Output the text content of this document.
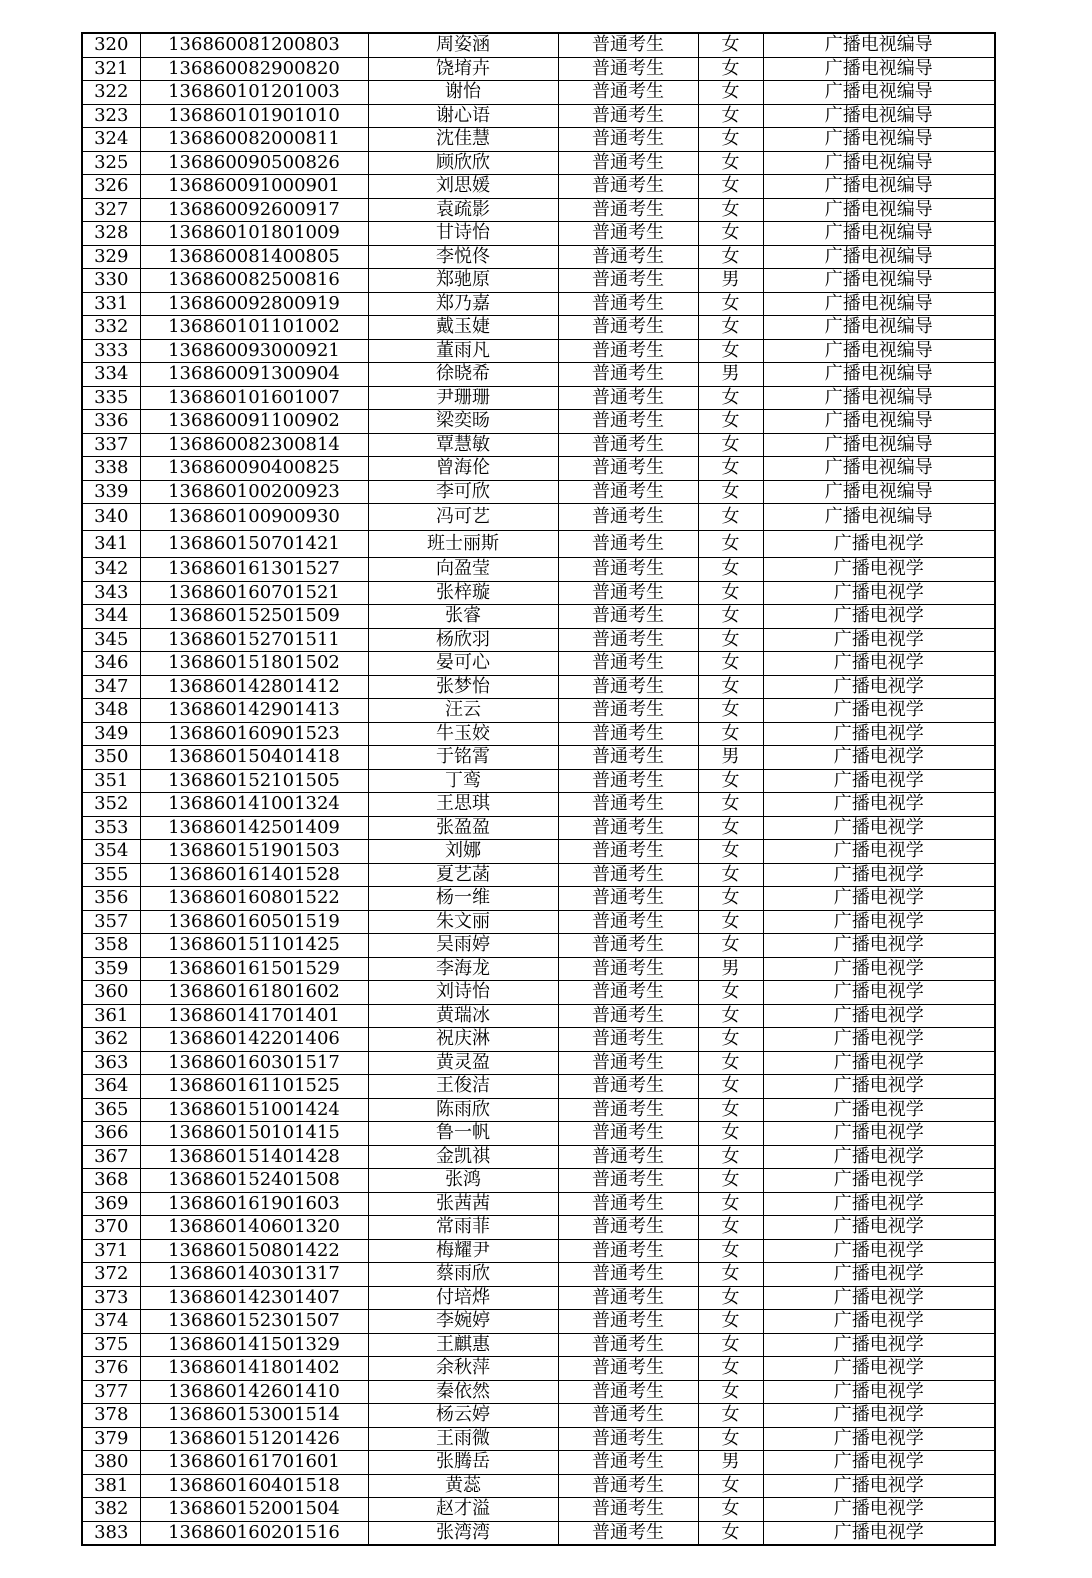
320	136860081200803	周姿涵	普通考生	女	广播电视编导
321	136860082900820	饶堉卉	普通考生	女	广播电视编导
322	136860101201003	谢怡	普通考生	女	广播电视编导
323	136860101901010	谢心语	普通考生	女	广播电视编导
324	136860082000811	沈佳慧	普通考生	女	广播电视编导
325	136860090500826	顾欣欣	普通考生	女	广播电视编导
326	136860091000901	刘思媛	普通考生	女	广播电视编导
327	136860092600917	袁疏影	普通考生	女	广播电视编导
328	136860101801009	甘诗怡	普通考生	女	广播电视编导
329	136860081400805	李悦佟	普通考生	女	广播电视编导
330	136860082500816	郑驰原	普通考生	男	广播电视编导
331	136860092800919	郑乃嘉	普通考生	女	广播电视编导
332	136860101101002	戴玉婕	普通考生	女	广播电视编导
333	136860093000921	董雨凡	普通考生	女	广播电视编导
334	136860091300904	徐晓希	普通考生	男	广播电视编导
335	136860101601007	尹珊珊	普通考生	女	广播电视编导
336	136860091100902	梁奕旸	普通考生	女	广播电视编导
337	136860082300814	覃慧敏	普通考生	女	广播电视编导
338	136860090400825	曾海伦	普通考生	女	广播电视编导
339	136860100200923	李可欣	普通考生	女	广播电视编导
340	136860100900930	冯可艺	普通考生	女	广播电视编导
341	136860150701421	班士丽斯	普通考生	女	广播电视学
342	136860161301527	向盈莹	普通考生	女	广播电视学
343	136860160701521	张梓璇	普通考生	女	广播电视学
344	136860152501509	张睿	普通考生	女	广播电视学
345	136860152701511	杨欣羽	普通考生	女	广播电视学
346	136860151801502	晏可心	普通考生	女	广播电视学
347	136860142801412	张梦怡	普通考生	女	广播电视学
348	136860142901413	汪云	普通考生	女	广播电视学
349	136860160901523	牛玉姣	普通考生	女	广播电视学
350	136860150401418	于铭霄	普通考生	男	广播电视学
351	136860152101505	丁鸾	普通考生	女	广播电视学
352	136860141001324	王思琪	普通考生	女	广播电视学
353	136860142501409	张盈盈	普通考生	女	广播电视学
354	136860151901503	刘娜	普通考生	女	广播电视学
355	136860161401528	夏艺菡	普通考生	女	广播电视学
356	136860160801522	杨一维	普通考生	女	广播电视学
357	136860160501519	朱文丽	普通考生	女	广播电视学
358	136860151101425	吴雨婷	普通考生	女	广播电视学
359	136860161501529	李海龙	普通考生	男	广播电视学
360	136860161801602	刘诗怡	普通考生	女	广播电视学
361	136860141701401	黄瑞冰	普通考生	女	广播电视学
362	136860142201406	祝庆淋	普通考生	女	广播电视学
363	136860160301517	黄灵盈	普通考生	女	广播电视学
364	136860161101525	王俊洁	普通考生	女	广播电视学
365	136860151001424	陈雨欣	普通考生	女	广播电视学
366	136860150101415	鲁一帆	普通考生	女	广播电视学
367	136860151401428	金凯祺	普通考生	女	广播电视学
368	136860152401508	张鸿	普通考生	女	广播电视学
369	136860161901603	张茜茜	普通考生	女	广播电视学
370	136860140601320	常雨菲	普通考生	女	广播电视学
371	136860150801422	梅耀尹	普通考生	女	广播电视学
372	136860140301317	蔡雨欣	普通考生	女	广播电视学
373	136860142301407	付培烨	普通考生	女	广播电视学
374	136860152301507	李婉婷	普通考生	女	广播电视学
375	136860141501329	王麒惠	普通考生	女	广播电视学
376	136860141801402	余秋萍	普通考生	女	广播电视学
377	136860142601410	秦依然	普通考生	女	广播电视学
378	136860153001514	杨云婷	普通考生	女	广播电视学
379	136860151201426	王雨微	普通考生	女	广播电视学
380	136860161701601	张腾岳	普通考生	男	广播电视学
381	136860160401518	黄蕊	普通考生	女	广播电视学
382	136860152001504	赵才溢	普通考生	女	广播电视学
383	136860160201516	张湾湾	普通考生	女	广播电视学
